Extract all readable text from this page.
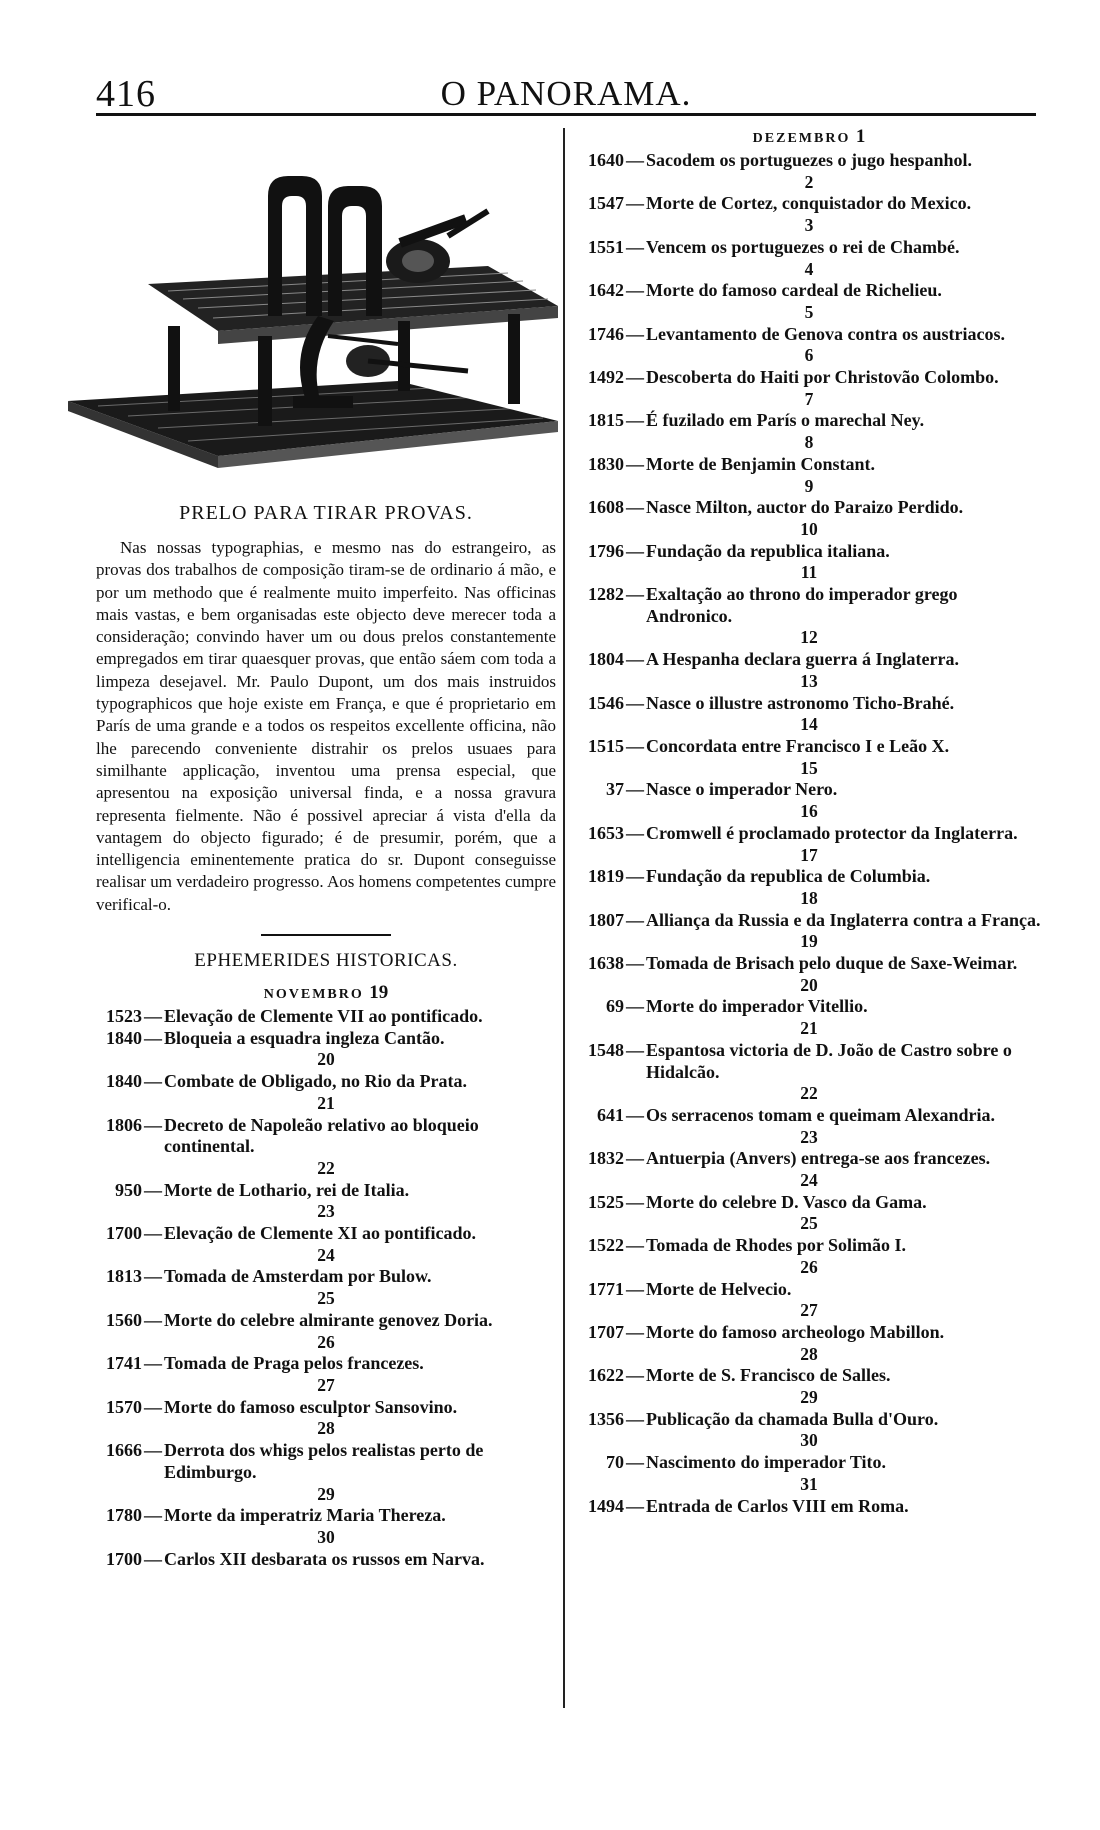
416	O PANORAMA.
PRELO PARA TIRAR PROVAS.

Nas nossas typographias, e mesmo nas do estrangeiro, as provas dos trabalhos de composição tiram-se de ordinario á mão, e por um methodo que é realmente muito imperfeito. Nas officinas mais vastas, e bem organisadas este objecto deve merecer toda a consideração; convindo haver um ou dous prelos constantemente empregados em tirar quaesquer provas, que então sáem com toda a limpeza desejavel. Mr. Paulo Dupont, um dos mais instruidos typographicos que hoje existe em França, e que é proprietario em París de uma grande e a todos os respeitos excellente officina, não lhe parecendo conveniente distrahir os prelos usuaes para similhante applicação, inventou uma prensa especial, que apresentou na exposição universal finda, e a nossa gravura representa fielmente. Não é possivel apreciar á vista d'ella da vantagem do objecto figurado; é de presumir, porém, que a intelligencia eminentemente pratica do sr. Dupont conseguisse realisar um verdadeiro progresso. Aos homens competentes cumpre verifical-o.

EPHEMERIDES HISTORICAS.
NOVEMBRO 19
1523 — Elevação de Clemente VII ao pontificado.
1840 — Bloqueia a esquadra ingleza Cantão.
20
1840 — Combate de Obligado, no Rio da Prata.
21
1806 — Decreto de Napoleão relativo ao bloqueio continental.
22
950 — Morte de Lothario, rei de Italia.
23
1700 — Elevação de Clemente XI ao pontificado.
24
1813 — Tomada de Amsterdam por Bulow.
25
1560 — Morte do celebre almirante genovez Doria.
26
1741 — Tomada de Praga pelos francezes.
27
1570 — Morte do famoso esculptor Sansovino.
28
1666 — Derrota dos whigs pelos realistas perto de Edimburgo.
29
1780 — Morte da imperatriz Maria Thereza.
30
1700 — Carlos XII desbarata os russos em Narva.
DEZEMBRO 1
1640 — Sacodem os portuguezes o jugo hespanhol.
2
1547 — Morte de Cortez, conquistador do Mexico.
3
1551 — Vencem os portuguezes o rei de Chambé.
4
1642 — Morte do famoso cardeal de Richelieu.
5
1746 — Levantamento de Genova contra os austriacos.
6
1492 — Descoberta do Haiti por Christovão Colombo.
7
1815 — É fuzilado em París o marechal Ney.
8
1830 — Morte de Benjamin Constant.
9
1608 — Nasce Milton, auctor do Paraizo Perdido.
10
1796 — Fundação da republica italiana.
11
1282 — Exaltação ao throno do imperador grego Andronico.
12
1804 — A Hespanha declara guerra á Inglaterra.
13
1546 — Nasce o illustre astronomo Ticho-Brahé.
14
1515 — Concordata entre Francisco I e Leão X.
15
37 — Nasce o imperador Nero.
16
1653 — Cromwell é proclamado protector da Inglaterra.
17
1819 — Fundação da republica de Columbia.
18
1807 — Alliança da Russia e da Inglaterra contra a França.
19
1638 — Tomada de Brisach pelo duque de Saxe-Weimar.
20
69 — Morte do imperador Vitellio.
21
1548 — Espantosa victoria de D. João de Castro sobre o Hidalcão.
22
641 — Os serracenos tomam e queimam Alexandria.
23
1832 — Antuerpia (Anvers) entrega-se aos francezes.
24
1525 — Morte do celebre D. Vasco da Gama.
25
1522 — Tomada de Rhodes por Solimão I.
26
1771 — Morte de Helvecio.
27
1707 — Morte do famoso archeologo Mabillon.
28
1622 — Morte de S. Francisco de Salles.
29
1356 — Publicação da chamada Bulla d'Ouro.
30
70 — Nascimento do imperador Tito.
31
1494 — Entrada de Carlos VIII em Roma.
